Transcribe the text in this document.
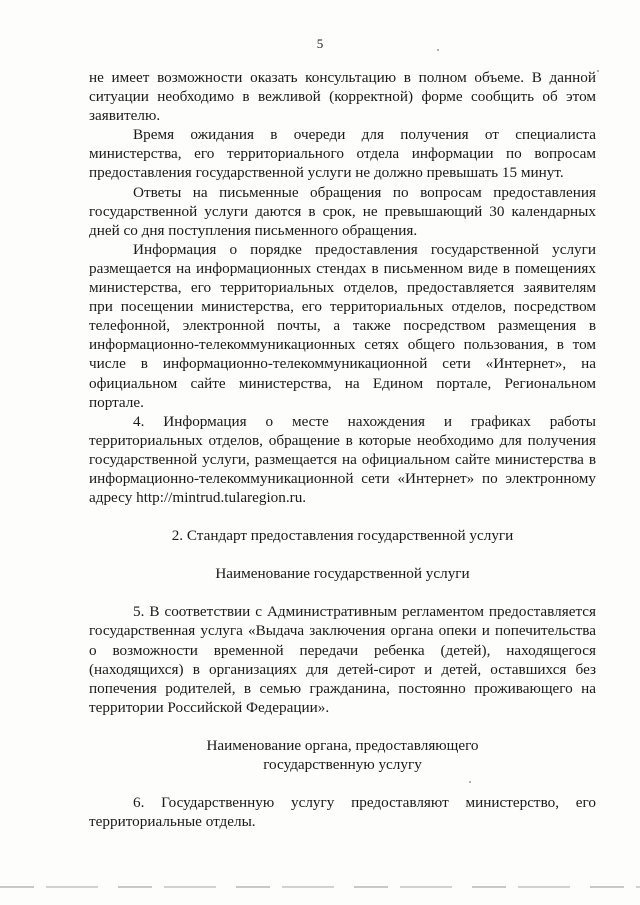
5

не имеет возможности оказать консультацию в полном объеме. В данной ситуации необходимо в вежливой (корректной) форме сообщить об этом заявителю.

Время ожидания в очереди для получения от специалиста министерства, его территориального отдела информации по вопросам предоставления государственной услуги не должно превышать 15 минут.

Ответы на письменные обращения по вопросам предоставления государственной услуги даются в срок, не превышающий 30 календарных дней со дня поступления письменного обращения.

Информация о порядке предоставления государственной услуги размещается на информационных стендах в письменном виде в помещениях министерства, его территориальных отделов, предоставляется заявителям при посещении министерства, его территориальных отделов, посредством телефонной, электронной почты, а также посредством размещения в информационно-телекоммуникационных сетях общего пользования, в том числе в информационно-телекоммуникационной сети «Интернет», на официальном сайте министерства, на Едином портале, Региональном портале.

4. Информация о месте нахождения и графиках работы территориальных отделов, обращение в которые необходимо для получения государственной услуги, размещается на официальном сайте министерства в информационно-телекоммуникационной сети «Интернет» по электронному адресу http://mintrud.tularegion.ru.

2. Стандарт предоставления государственной услуги

Наименование государственной услуги

5. В соответствии с Административным регламентом предоставляется государственная услуга «Выдача заключения органа опеки и попечительства о возможности временной передачи ребенка (детей), находящегося (находящихся) в организациях для детей-сирот и детей, оставшихся без попечения родителей, в семью гражданина, постоянно проживающего на территории Российской Федерации».

Наименование органа, предоставляющего

государственную услугу

6. Государственную услугу предоставляют министерство, его территориальные отделы.
